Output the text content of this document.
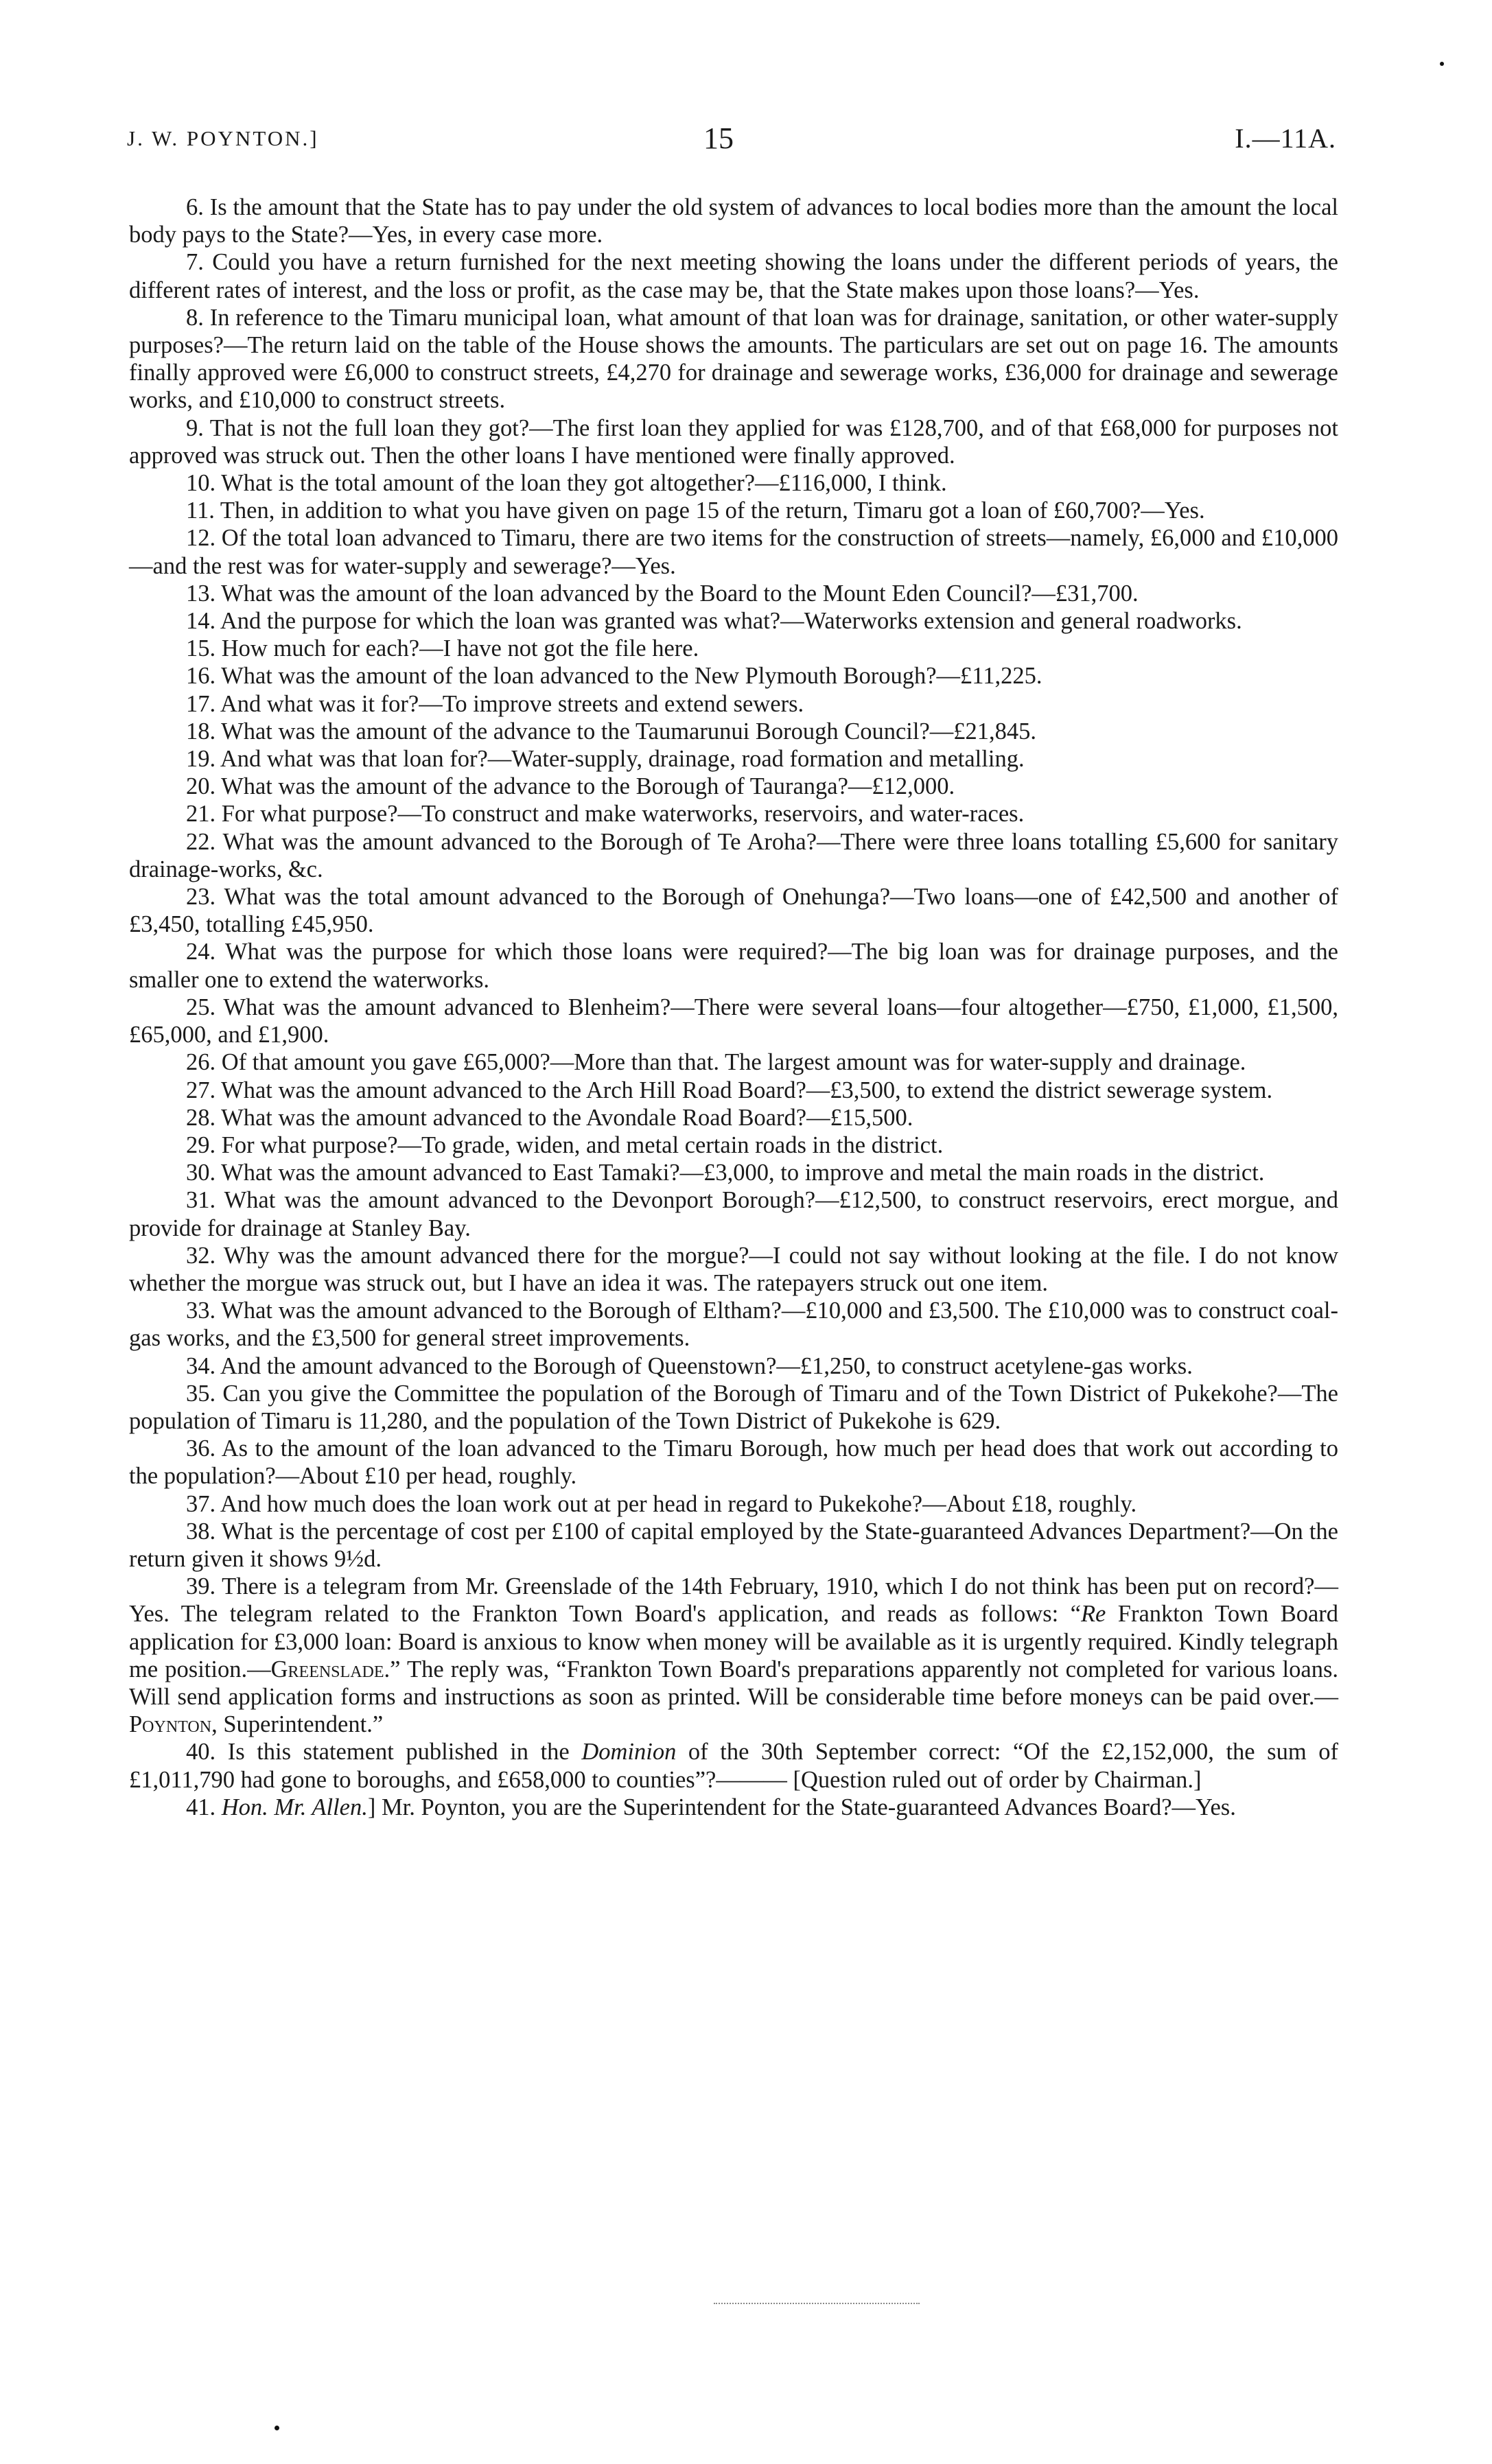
J. W. POYNTON.]	15	I.—11A.

6. Is the amount that the State has to pay under the old system of advances to local bodies more than the amount the local body pays to the State?—Yes, in every case more.

7. Could you have a return furnished for the next meeting showing the loans under the different periods of years, the different rates of interest, and the loss or profit, as the case may be, that the State makes upon those loans?—Yes.

8. In reference to the Timaru municipal loan, what amount of that loan was for drainage, sanitation, or other water-supply purposes?—The return laid on the table of the House shows the amounts. The particulars are set out on page 16. The amounts finally approved were £6,000 to construct streets, £4,270 for drainage and sewerage works, £36,000 for drainage and sewerage works, and £10,000 to construct streets.

9. That is not the full loan they got?—The first loan they applied for was £128,700, and of that £68,000 for purposes not approved was struck out. Then the other loans I have mentioned were finally approved.

10. What is the total amount of the loan they got altogether?—£116,000, I think.

11. Then, in addition to what you have given on page 15 of the return, Timaru got a loan of £60,700?—Yes.

12. Of the total loan advanced to Timaru, there are two items for the construction of streets—namely, £6,000 and £10,000—and the rest was for water-supply and sewerage?—Yes.

13. What was the amount of the loan advanced by the Board to the Mount Eden Council?—£31,700.

14. And the purpose for which the loan was granted was what?—Waterworks extension and general roadworks.

15. How much for each?—I have not got the file here.

16. What was the amount of the loan advanced to the New Plymouth Borough?—£11,225.

17. And what was it for?—To improve streets and extend sewers.

18. What was the amount of the advance to the Taumarunui Borough Council?—£21,845.

19. And what was that loan for?—Water-supply, drainage, road formation and metalling.

20. What was the amount of the advance to the Borough of Tauranga?—£12,000.

21. For what purpose?—To construct and make waterworks, reservoirs, and water-races.

22. What was the amount advanced to the Borough of Te Aroha?—There were three loans totalling £5,600 for sanitary drainage-works, &c.

23. What was the total amount advanced to the Borough of Onehunga?—Two loans—one of £42,500 and another of £3,450, totalling £45,950.

24. What was the purpose for which those loans were required?—The big loan was for drainage purposes, and the smaller one to extend the waterworks.

25. What was the amount advanced to Blenheim?—There were several loans—four altogether—£750, £1,000, £1,500, £65,000, and £1,900.

26. Of that amount you gave £65,000?—More than that. The largest amount was for water-supply and drainage.

27. What was the amount advanced to the Arch Hill Road Board?—£3,500, to extend the district sewerage system.

28. What was the amount advanced to the Avondale Road Board?—£15,500.

29. For what purpose?—To grade, widen, and metal certain roads in the district.

30. What was the amount advanced to East Tamaki?—£3,000, to improve and metal the main roads in the district.

31. What was the amount advanced to the Devonport Borough?—£12,500, to construct reservoirs, erect morgue, and provide for drainage at Stanley Bay.

32. Why was the amount advanced there for the morgue?—I could not say without looking at the file. I do not know whether the morgue was struck out, but I have an idea it was. The ratepayers struck out one item.

33. What was the amount advanced to the Borough of Eltham?—£10,000 and £3,500. The £10,000 was to construct coal-gas works, and the £3,500 for general street improvements.

34. And the amount advanced to the Borough of Queenstown?—£1,250, to construct acetylene-gas works.

35. Can you give the Committee the population of the Borough of Timaru and of the Town District of Pukekohe?—The population of Timaru is 11,280, and the population of the Town District of Pukekohe is 629.

36. As to the amount of the loan advanced to the Timaru Borough, how much per head does that work out according to the population?—About £10 per head, roughly.

37. And how much does the loan work out at per head in regard to Pukekohe?—About £18, roughly.

38. What is the percentage of cost per £100 of capital employed by the State-guaranteed Advances Department?—On the return given it shows 9½d.

39. There is a telegram from Mr. Greenslade of the 14th February, 1910, which I do not think has been put on record?—Yes. The telegram related to the Frankton Town Board's application, and reads as follows: “Re Frankton Town Board application for £3,000 loan: Board is anxious to know when money will be available as it is urgently required. Kindly telegraph me position.—Greenslade.” The reply was, “Frankton Town Board's preparations apparently not completed for various loans. Will send application forms and instructions as soon as printed. Will be considerable time before moneys can be paid over.—Poynton, Superintendent.”

40. Is this statement published in the Dominion of the 30th September correct: “Of the £2,152,000, the sum of £1,011,790 had gone to boroughs, and £658,000 to counties”?——— [Question ruled out of order by Chairman.]

41. Hon. Mr. Allen.] Mr. Poynton, you are the Superintendent for the State-guaranteed Advances Board?—Yes.
